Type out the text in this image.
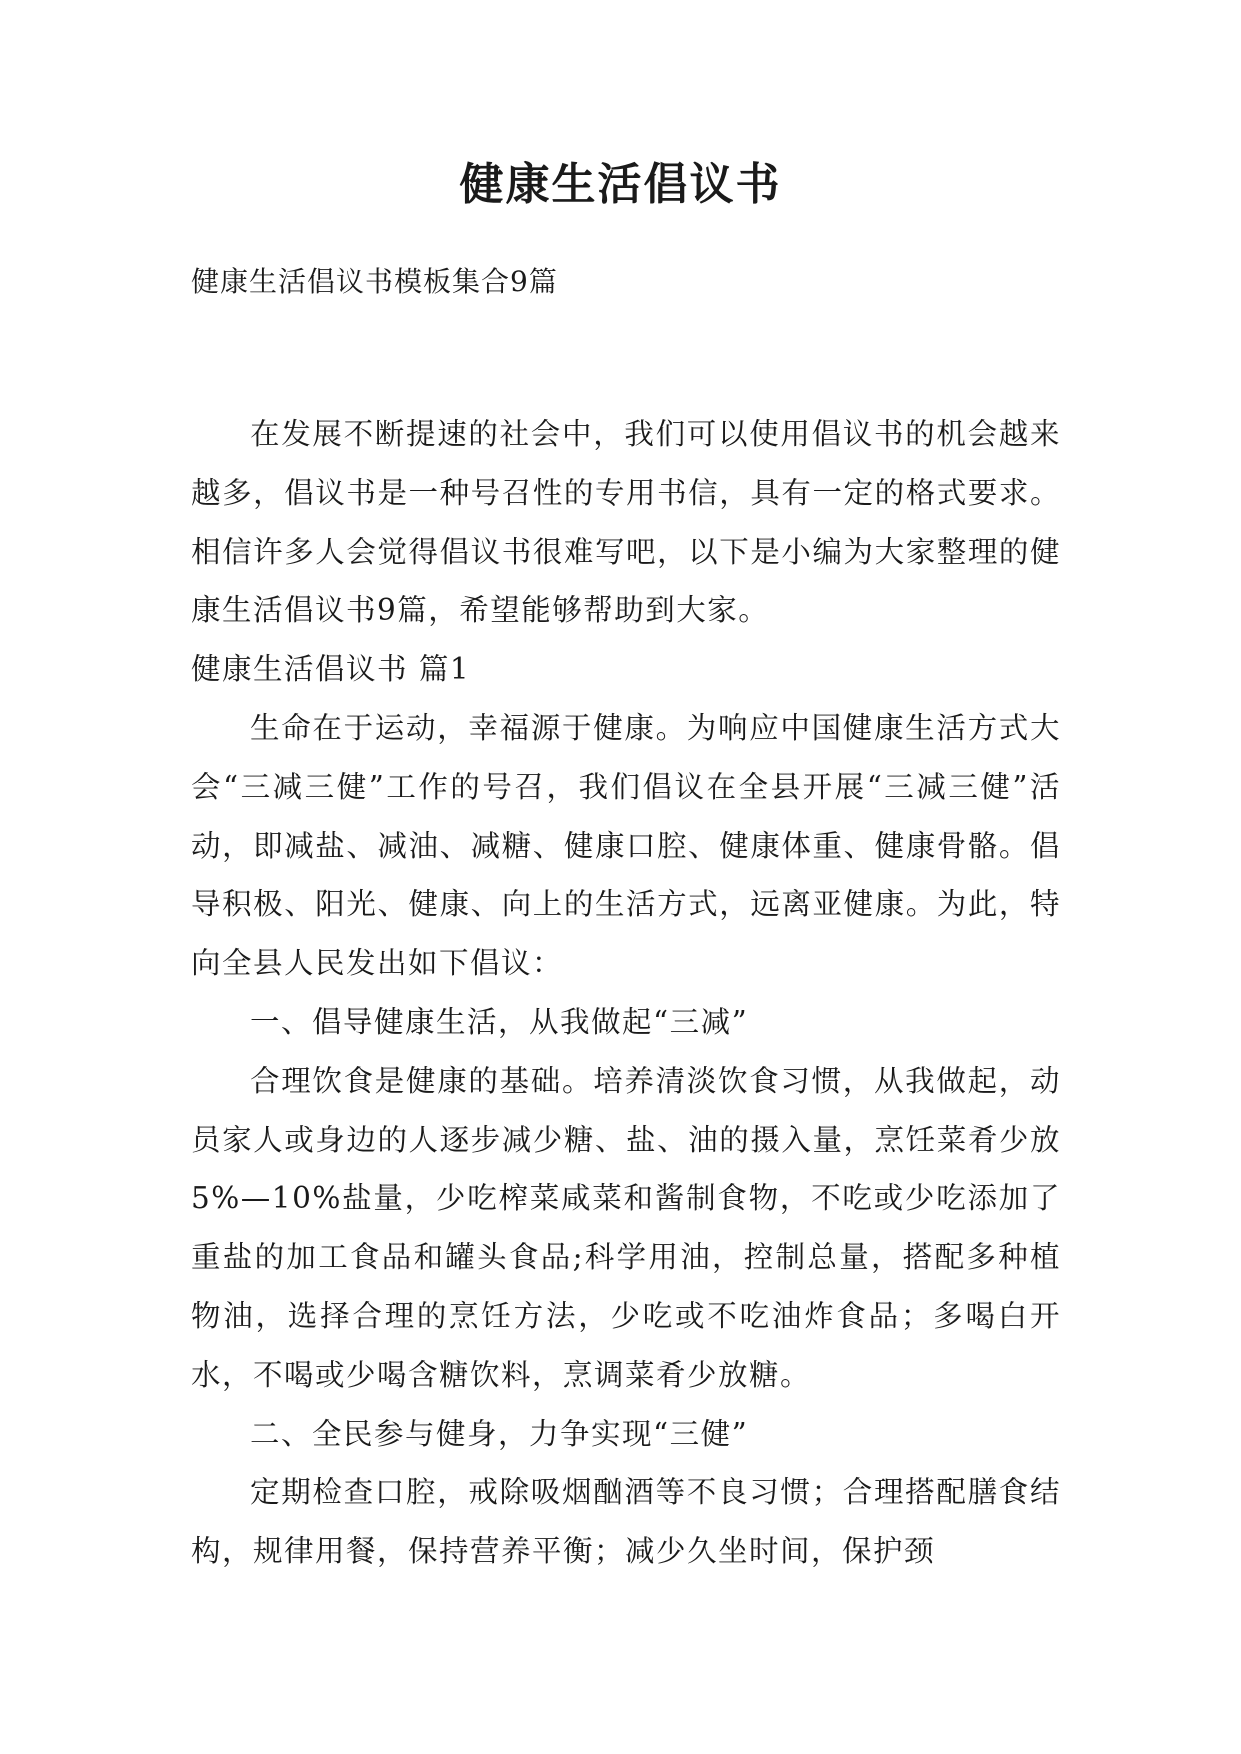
健康生活倡议书
健康生活倡议书模板集合9篇

在发展不断提速的社会中，我们可以使用倡议书的机会越来越多，倡议书是一种号召性的专用书信，具有一定的格式要求。相信许多人会觉得倡议书很难写吧，以下是小编为大家整理的健康生活倡议书9篇，希望能够帮助到大家。

健康生活倡议书 篇1

生命在于运动，幸福源于健康。为响应中国健康生活方式大会“三减三健”工作的号召，我们倡议在全县开展“三减三健”活动，即减盐、减油、减糖、健康口腔、健康体重、健康骨骼。倡导积极、阳光、健康、向上的生活方式，远离亚健康。为此，特向全县人民发出如下倡议：

一、倡导健康生活，从我做起“三减”

合理饮食是健康的基础。培养清淡饮食习惯，从我做起，动员家人或身边的人逐步减少糖、盐、油的摄入量，烹饪菜肴少放5%—10%盐量，少吃榨菜咸菜和酱制食物，不吃或少吃添加了重盐的加工食品和罐头食品;科学用油，控制总量，搭配多种植物油，选择合理的烹饪方法，少吃或不吃油炸食品；多喝白开水，不喝或少喝含糖饮料，烹调菜肴少放糖。

二、全民参与健身，力争实现“三健”

定期检查口腔，戒除吸烟酗酒等不良习惯；合理搭配膳食结构，规律用餐，保持营养平衡；减少久坐时间，保护颈
